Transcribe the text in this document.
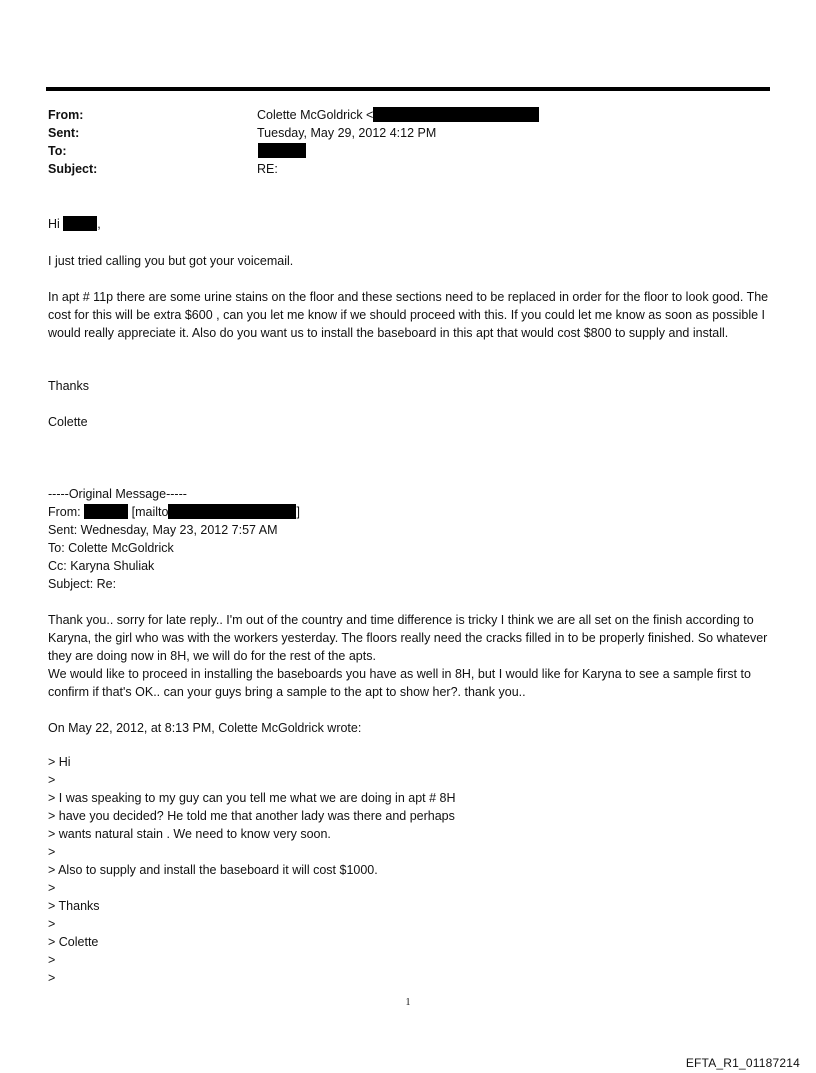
From:	Colette McGoldrick <
Sent:	Tuesday, May 29, 2012 4:12 PM
To:
Subject:	RE:
Hi	,
I just tried calling you but got your voicemail.
In apt # 11p there are some urine stains on the floor and these sections need to be replaced in order for the floor to look good. The cost for this will be extra $600 , can you let me know if we should proceed with this. If you could let me know as soon as possible I would really appreciate it. Also do you want us to install the baseboard in this apt that would cost $800 to supply and install.
Thanks
Colette

-----Original Message-----

From:	[mailto	]

Sent: Wednesday, May 23, 2012 7:57 AM

To: Colette McGoldrick

Cc: Karyna Shuliak

Subject: Re:

Thank you.. sorry for late reply.. I'm out of the country and time difference is tricky I think we are all set on the finish according to Karyna, the girl who was with the workers yesterday. The floors really need the cracks filled in to be properly finished. So whatever they are doing now in 8H, we will do for the rest of the apts.
We would like to proceed in installing the baseboards you have as well in 8H, but I would like for Karyna to see a sample first to confirm if that's OK.. can your guys bring a sample to the apt to show her?. thank you..
On May 22, 2012, at 8:13 PM, Colette McGoldrick wrote:

> Hi

>

> I was speaking to my guy can you tell me what we are doing in apt # 8H

> have you decided? He told me that another lady was there and perhaps

> wants natural stain . We need to know very soon.

>

> Also to supply and install the baseboard it will cost $1000.

>

> Thanks

>

> Colette

>

>

1
EFTA_R1_01187214
